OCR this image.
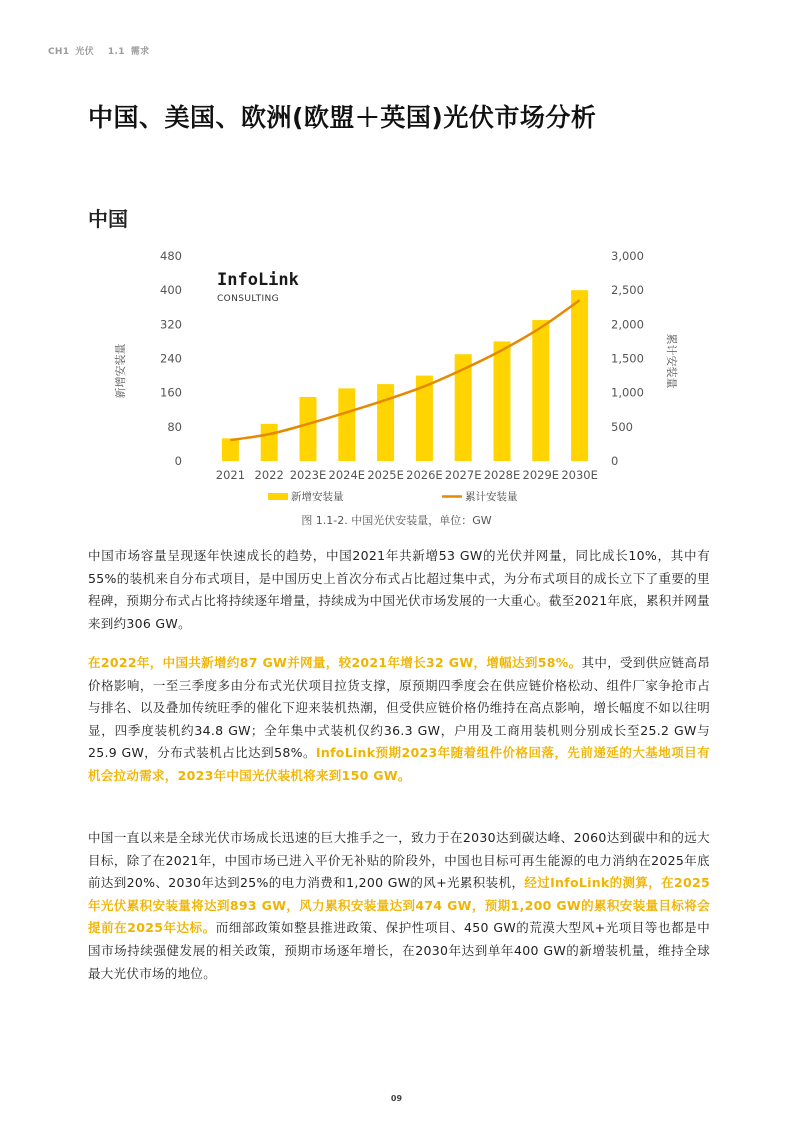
CH1 光伏 1.1 需求
中国、美国、欧洲(欧盟＋英国)光伏市场分析
中国
InfoLink
CONSULTING
0
80
160
240
320
400
480
0
500
1,000
1,500
2,000
2,500
3,000
2021 2022 2023E 2024E 2025E 2026E 2027E 2028E 2029E 2030E
新增安装量	累计安装量
新增安装量	累计安装量
图 1.1-2. 中国光伏安装量，单位：GW
中国市场容量呈现逐年快速成长的趋势，中国2021年共新增53 GW的光伏并网量，同比成长10%，其中有55%的装机来自分布式项目，是中国历史上首次分布式占比超过集中式，为分布式项目的成长立下了重要的里程碑，预期分布式占比将持续逐年增量，持续成为中国光伏市场发展的一大重心。截至2021年底，累积并网量来到约306 GW。
在2022年，中国共新增约87 GW并网量，较2021年增长32 GW，增幅达到58%。其中，受到供应链高昂价格影响，一至三季度多由分布式光伏项目拉货支撑，原预期四季度会在供应链价格松动、组件厂家争抢市占与排名、以及叠加传统旺季的催化下迎来装机热潮，但受供应链价格仍维持在高点影响，增长幅度不如以往明显，四季度装机约34.8 GW；全年集中式装机仅约36.3 GW，户用及工商用装机则分别成长至25.2 GW与25.9 GW，分布式装机占比达到58%。InfoLink预期2023年随着组件价格回落，先前递延的大基地项目有机会拉动需求，2023年中国光伏装机将来到150 GW。
中国一直以来是全球光伏市场成长迅速的巨大推手之一，致力于在2030达到碳达峰、2060达到碳中和的远大目标，除了在2021年，中国市场已进入平价无补贴的阶段外，中国也目标可再生能源的电力消纳在2025年底前达到20%、2030年达到25%的电力消费和1,200 GW的风+光累积装机，经过InfoLink的测算，在2025年光伏累积安装量将达到893 GW，风力累积安装量达到474 GW，预期1,200 GW的累积安装量目标将会提前在2025年达标。而细部政策如整县推进政策、保护性项目、450 GW的荒漠大型风+光项目等也都是中国市场持续强健发展的相关政策，预期市场逐年增长，在2030年达到单年400 GW的新增装机量，维持全球最大光伏市场的地位。
09
